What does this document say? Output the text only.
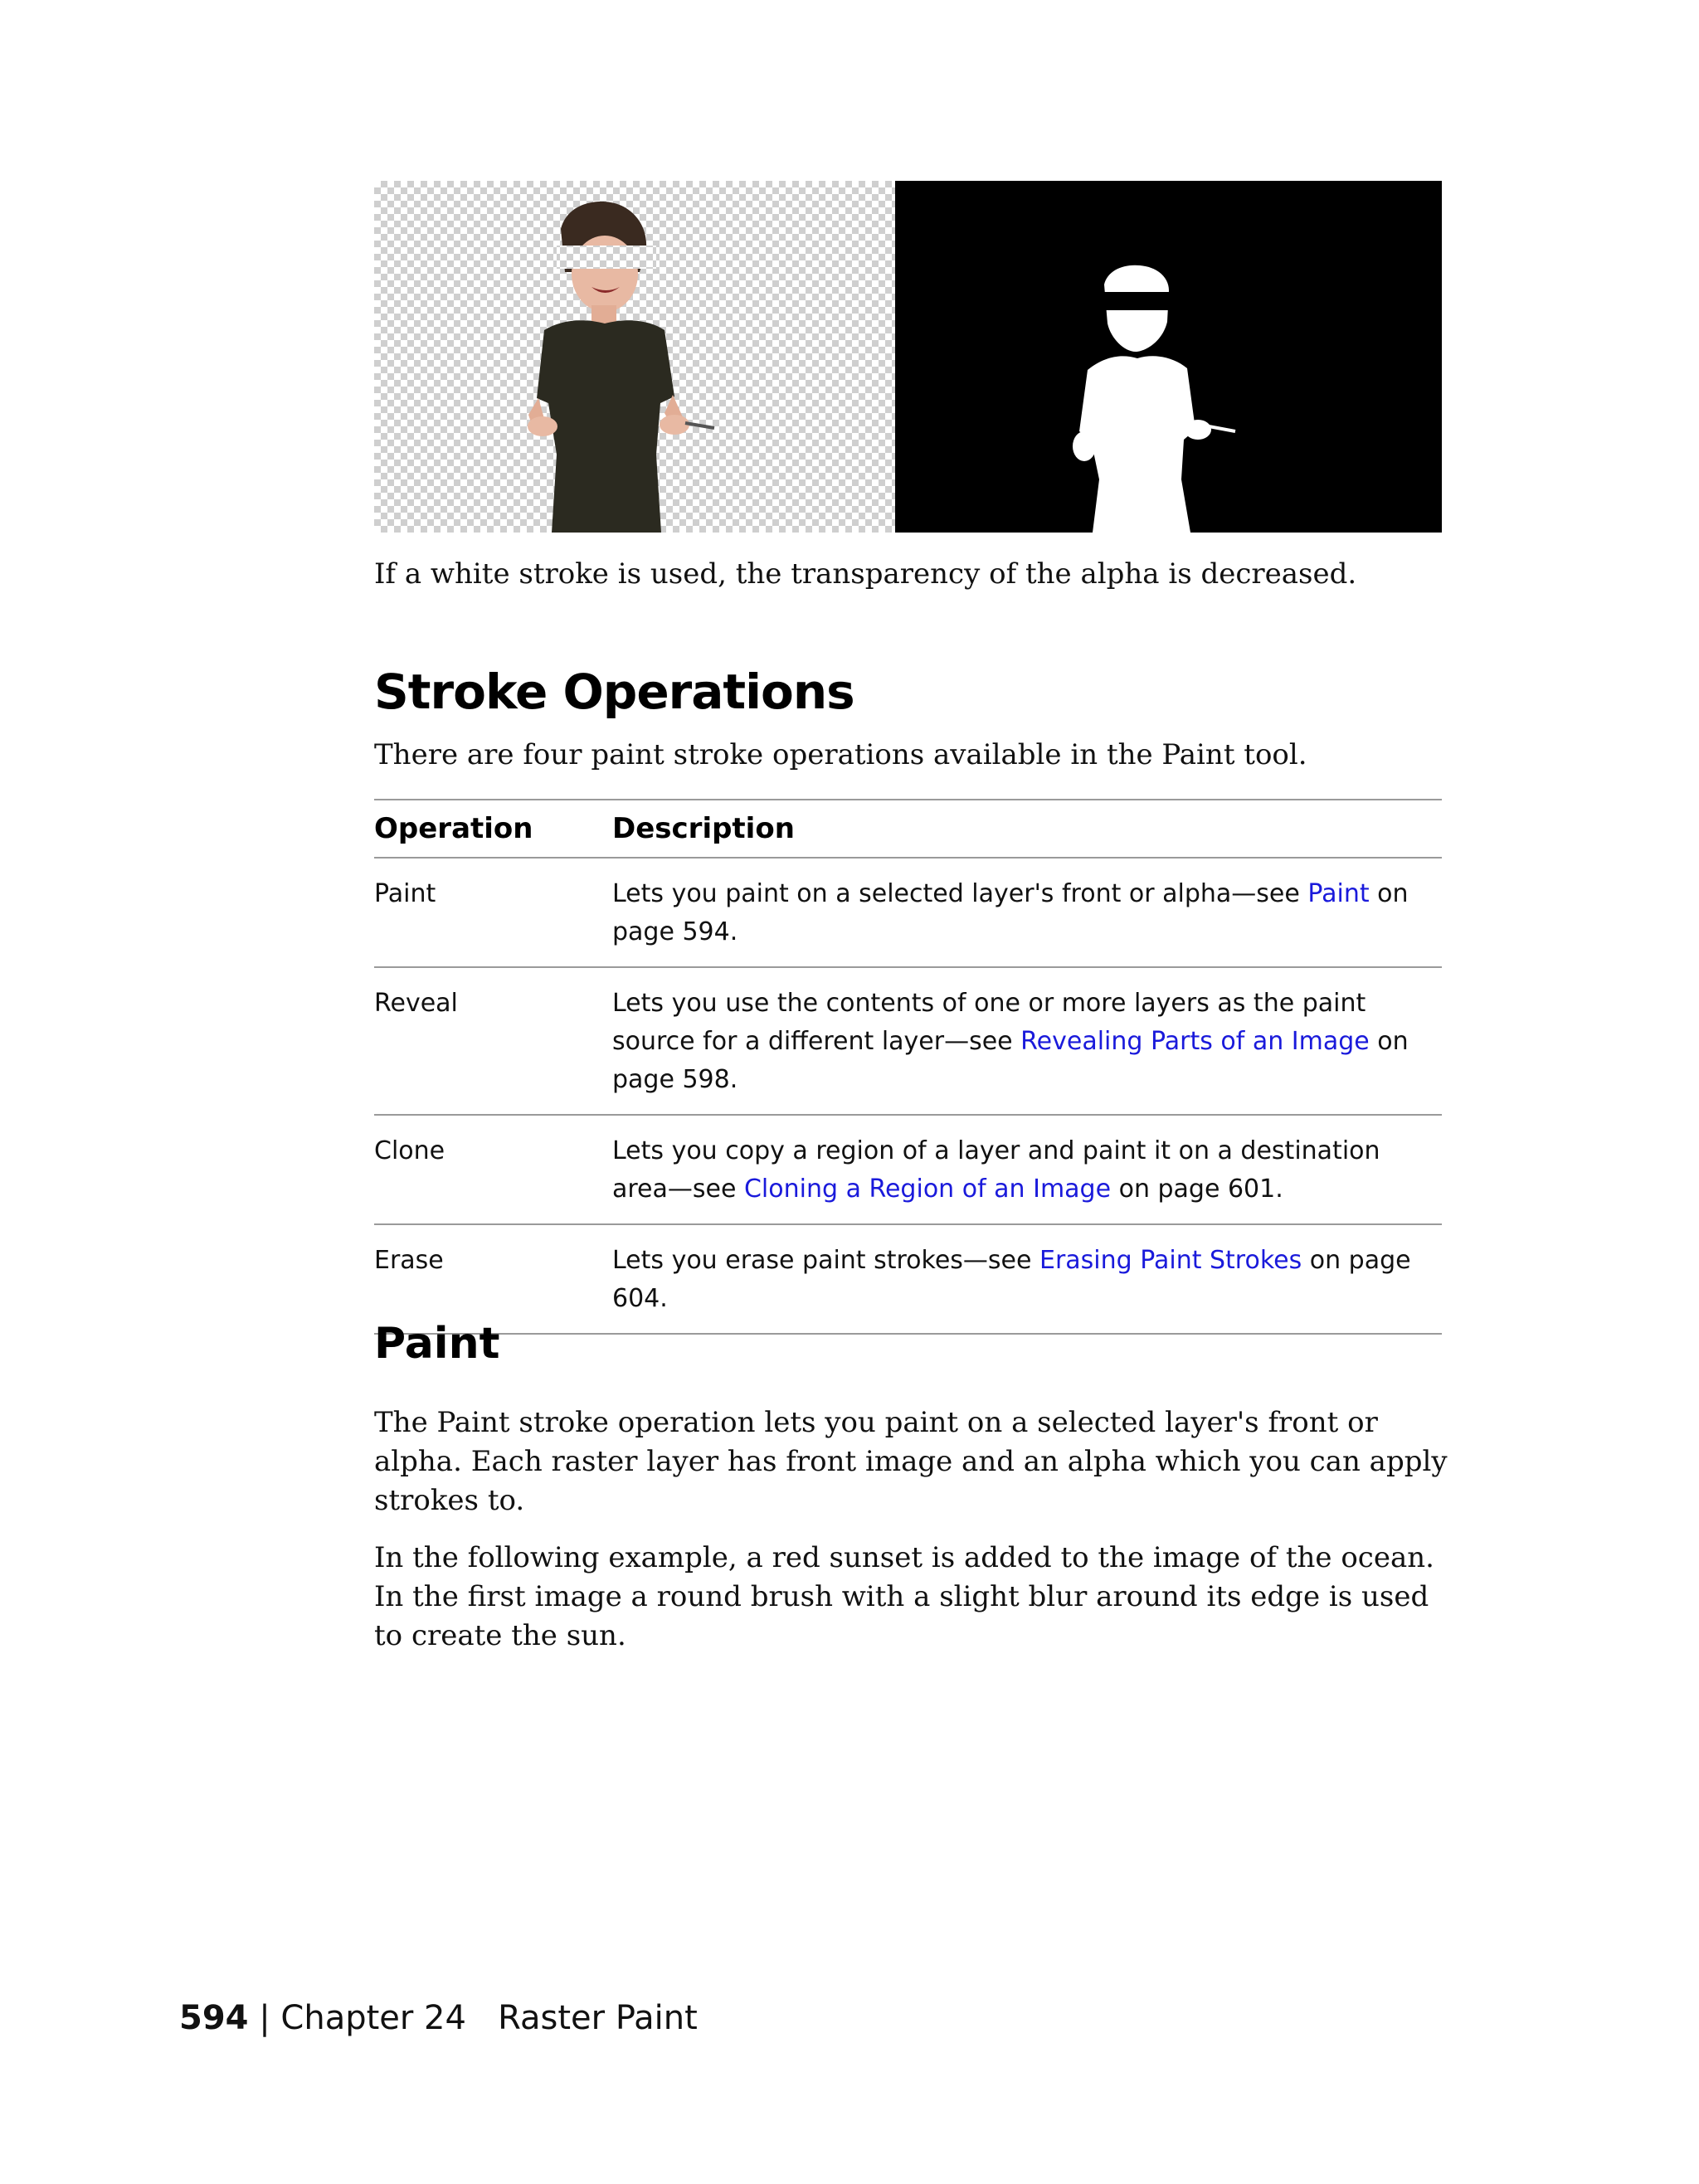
If a white stroke is used, the transparency of the alpha is decreased.
Stroke Operations
There are four paint stroke operations available in the Paint tool.
Operation	Description
Paint	Lets you paint on a selected layer's front or alpha—see Paint on page 594.
Reveal	Lets you use the contents of one or more layers as the paint source for a different layer—see Revealing Parts of an Image on page 598.
Clone	Lets you copy a region of a layer and paint it on a destination area—see Cloning a Region of an Image on page 601.
Erase	Lets you erase paint strokes—see Erasing Paint Strokes on page 604.
Paint

The Paint stroke operation lets you paint on a selected layer's front or alpha. Each raster layer has front image and an alpha which you can apply strokes to.

In the following example, a red sunset is added to the image of the ocean. In the first image a round brush with a slight blur around its edge is used to create the sun.

594 | Chapter 24 Raster Paint
